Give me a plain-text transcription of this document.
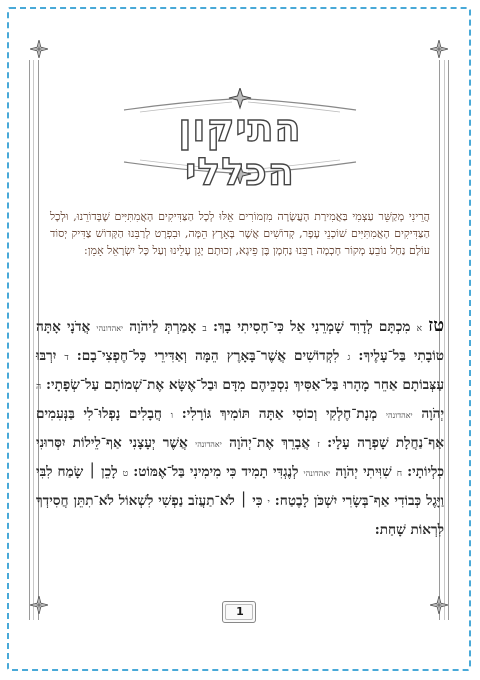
התיקון הכללי
הֲרֵינִי מְקַשֵּׁר עַצְמִי בַּאֲמִירַת הָעֲשָׂרָה מִזְמוֹרִים אֵלּוּ לְכָל הַצַּדִּיקִים הָאֲמִתִּיִּים שֶׁבְּדוֹרֵנוּ, וּלְכָל הַצַּדִּיקִים הָאֲמִתִּיִּים שׁוֹכְנֵי עָפָר, קְדוֹשִׁים אֲשֶׁר בָּאָרֶץ הֵמָּה, וּבִפְרָט לְרַבֵּנוּ הַקָּדוֹשׁ צַדִּיק יְסוֹד עוֹלָם נַחַל נוֹבֵעַ מְקוֹר חָכְמָה רַבֵּנוּ נַחְמָן בֶּן פֵיגָא, זְכוּתָם יָגֵן עָלֵינוּ וְעַל כָּל יִשְׂרָאֵל אָמֵן:
טז א מִכְתָּם לְדָוִד שָׁמְרֵנִי אֵל כִּי־חָסִיתִי בָךְ: ב אָמַרְתְּ לַיהֹוָה יאהדונהי אֲדֹנָי אָתָּה טוֹבָתִי בַּל־עָלֶיךָ: ג לִקְדוֹשִׁים אֲשֶׁר־בָּאָרֶץ הֵמָּה וְאַדִּירֵי כָּל־חֶפְצִי־בָם: ד יִרְבּוּ עַצְּבוֹתָם אַחֵר מָהָרוּ בַּל־אַסִּיךְ נִסְכֵּיהֶם מִדָּם וּבַל־אֶשָּׂא אֶת־שְׁמוֹתָם עַל־שְׂפָתָי: ה יְהֹוָה יאהדונהי מְנָת־חֶלְקִי וְכוֹסִי אַתָּה תּוֹמִיךְ גּוֹרָלִי: ו חֲבָלִים נָפְלוּ־לִי בַּנְּעִמִים אַף־נַחֲלָת שָׁפְרָה עָלָי: ז אֲבָרֵךְ אֶת־יְהֹוָה יאהדונהי אֲשֶׁר יְעָצָנִי אַף־לֵילוֹת יִסְּרוּנִי כִלְיוֹתָי: ח שִׁוִּיתִי יְהֹוָה יאהדונהי לְנֶגְדִּי תָמִיד כִּי מִימִינִי בַּל־אֶמּוֹט: ט לָכֵן ׀ שָׂמַח לִבִּי וַיָּגֶל כְּבוֹדִי אַף־בְּשָׂרִי יִשְׁכֹּן לָבֶטַח: י כִּי ׀ לֹא־תַעֲזֹב נַפְשִׁי לִשְׁאוֹל לֹא־תִתֵּן חֲסִידְךָ לִרְאוֹת שָׁחַת:
1
